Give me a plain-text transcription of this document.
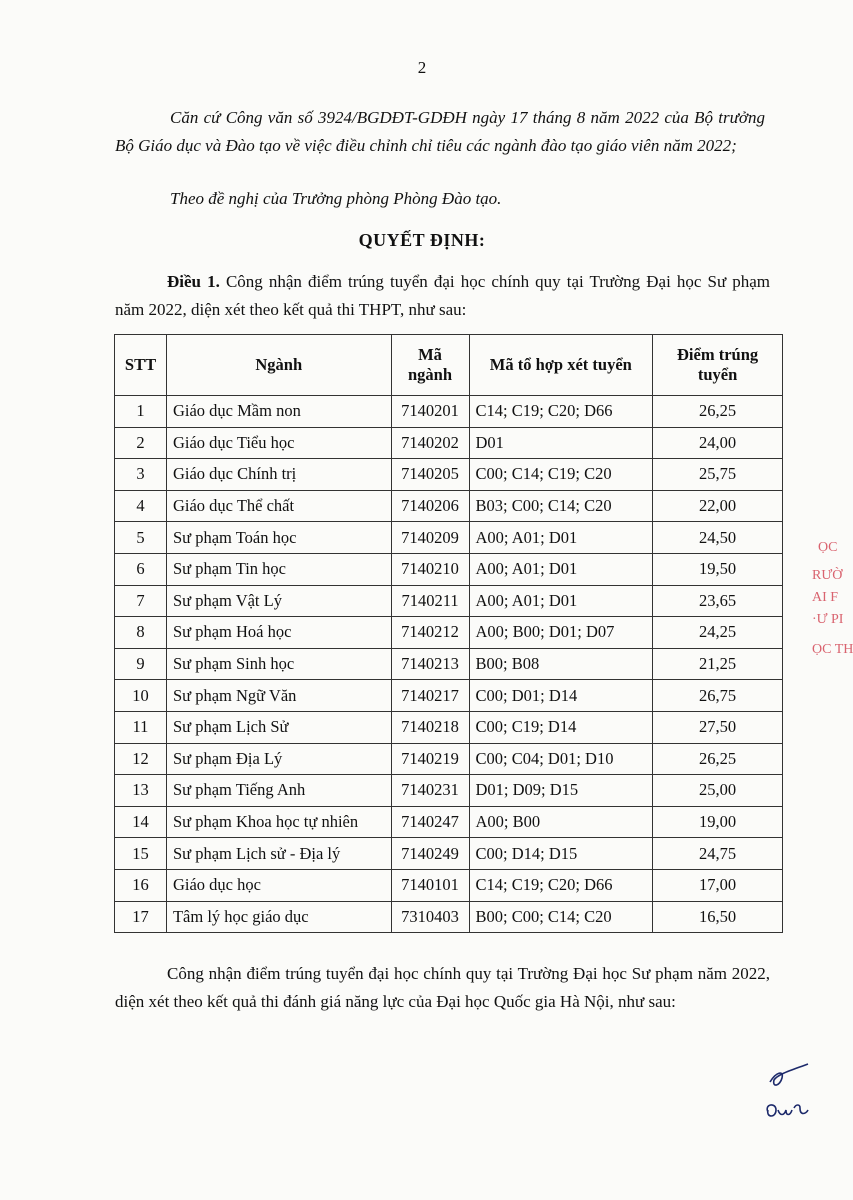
2

Căn cứ Công văn số 3924/BGDĐT-GDĐH ngày 17 tháng 8 năm 2022 của Bộ trưởng Bộ Giáo dục và Đào tạo về việc điều chỉnh chỉ tiêu các ngành đào tạo giáo viên năm 2022;

Theo đề nghị của Trưởng phòng Phòng Đào tạo.

QUYẾT ĐỊNH:

Điều 1. Công nhận điểm trúng tuyển đại học chính quy tại Trường Đại học Sư phạm năm 2022, diện xét theo kết quả thi THPT, như sau:

STT	Ngành	Mã ngành	Mã tổ hợp xét tuyển	Điểm trúng tuyển
1	Giáo dục Mầm non	7140201	C14; C19; C20; D66	26,25
2	Giáo dục Tiểu học	7140202	D01	24,00
3	Giáo dục Chính trị	7140205	C00; C14; C19; C20	25,75
4	Giáo dục Thể chất	7140206	B03; C00; C14; C20	22,00
5	Sư phạm Toán học	7140209	A00; A01; D01	24,50
6	Sư phạm Tin học	7140210	A00; A01; D01	19,50
7	Sư phạm Vật Lý	7140211	A00; A01; D01	23,65
8	Sư phạm Hoá học	7140212	A00; B00; D01; D07	24,25
9	Sư phạm Sinh học	7140213	B00; B08	21,25
10	Sư phạm Ngữ Văn	7140217	C00; D01; D14	26,75
11	Sư phạm Lịch Sử	7140218	C00; C19; D14	27,50
12	Sư phạm Địa Lý	7140219	C00; C04; D01; D10	26,25
13	Sư phạm Tiếng Anh	7140231	D01; D09; D15	25,00
14	Sư phạm Khoa học tự nhiên	7140247	A00; B00	19,00
15	Sư phạm Lịch sử - Địa lý	7140249	C00; D14; D15	24,75
16	Giáo dục học	7140101	C14; C19; C20; D66	17,00
17	Tâm lý học giáo dục	7310403	B00; C00; C14; C20	16,50

Công nhận điểm trúng tuyển đại học chính quy tại Trường Đại học Sư phạm năm 2022, diện xét theo kết quả thi đánh giá năng lực của Đại học Quốc gia Hà Nội, như sau:

ỌC
RƯỜ
AI F
·Ư PI
ỌC TH
